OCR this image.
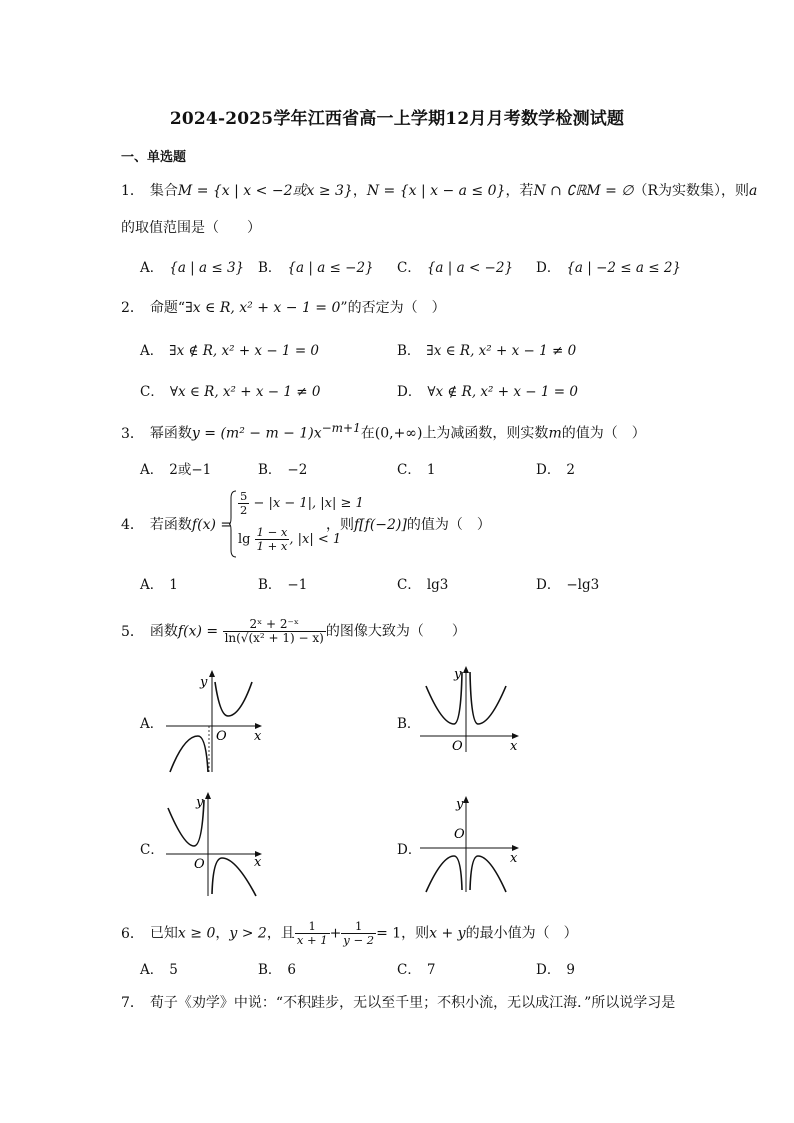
2024-2025学年江西省高一上学期12月月考数学检测试题
一、单选题
1． 集合M = {x | x < −2或x ≥ 3}，N = {x | x − a ≤ 0}，若N ∩ ∁ℝM = ∅（R为实数集），则a
的取值范围是（　　）
A． {a | a ≤ 3} B． {a | a ≤ −2} C． {a | a < −2} D． {a | −2 ≤ a ≤ 2}
2． 命题“∃x ∈ R, x² + x − 1 = 0”的否定为（　）
A． ∃x ∉ R, x² + x − 1 = 0	B． ∃x ∈ R, x² + x − 1 ≠ 0
C． ∀x ∈ R, x² + x − 1 ≠ 0	D． ∀x ∉ R, x² + x − 1 = 0
3． 幂函数$y = (m^2 - m - 1)x^{-m+1}$在(0,+∞)上为减函数，则实数m的值为（　）
A． 2或−1	B． −2	C． 1	D． 2
4． 若函数f(x) =
$\frac{5}{2} - |x - 1|$, |x| ≥ 1
$\lg \frac{1 - x}{1 + x}$ , |x| < 1
，则f[f(−2)]的值为（　）
A． 1	B． −1	C． lg3	D． −lg3
5． 函数$f(x) = \frac{\text{2ˣ + 2⁻ˣ}}{\text{ln(√(x² + 1) − x)}}$ 的图像大致为（　　）
A．
y
x
O
B．
y
x
O
C．
y
x
O
D．
y
x
O
6． 已知x ≥ 0，y > 2，且 $\frac{1}{x + 1} + \frac{1}{y - 2} = 1$，则x + y的最小值为（　）
A． 5	B． 6	C． 7	D． 9
7． 荀子《劝学》中说：“不积跬步，无以至千里；不积小流，无以成江海．”所以说学习是
